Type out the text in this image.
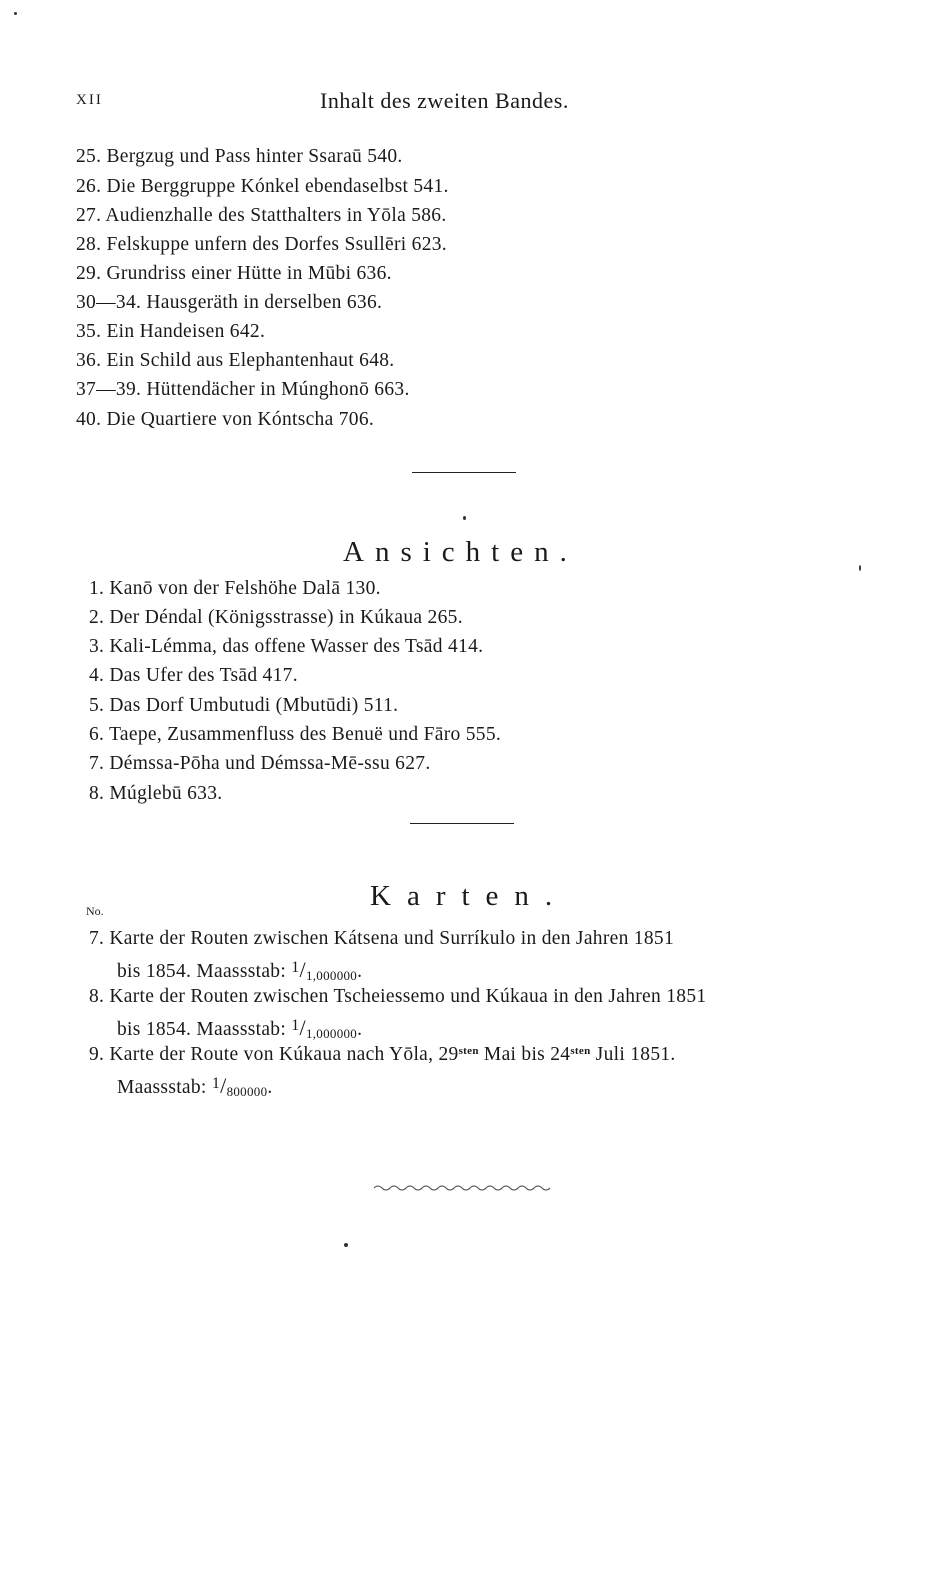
XII	Inhalt des zweiten Bandes.
25. Bergzug und Pass hinter Ssaraū 540.
26. Die Berggruppe Kónkel ebendaselbst 541.
27. Audienzhalle des Statthalters in Yōla 586.
28. Felskuppe unfern des Dorfes Ssullēri 623.
29. Grundriss einer Hütte in Mūbi 636.
30—34. Hausgeräth in derselben 636.
35. Ein Handeisen 642.
36. Ein Schild aus Elephantenhaut 648.
37—39. Hüttendächer in Múnghonō 663.
40. Die Quartiere von Kóntscha 706.
Ansichten.
1. Kanō von der Felshöhe Dalā 130.
2. Der Déndal (Königsstrasse) in Kúkaua 265.
3. Kali-Lémma, das offene Wasser des Tsād 414.
4. Das Ufer des Tsād 417.
5. Das Dorf Umbutudi (Mbutūdi) 511.
6. Taepe, Zusammenfluss des Benuë und Fāro 555.
7. Démssa-Pōha und Démssa-Mē-ssu 627.
8. Múglebū 633.
Karten.
No.
7. Karte der Routen zwischen Kátsena und Surríkulo in den Jahren 1851
bis 1854. Maassstab: $^1/_{1,000000}$.
8. Karte der Routen zwischen Tscheiessemo und Kúkaua in den Jahren 1851
bis 1854. Maassstab: $^1/_{1,000000}$.
9. Karte der Route von Kúkaua nach Yōla, $29^{sten}$ Mai bis $24^{sten}$ Juli 1851.
Maassstab: $^1/_{800000}$.
